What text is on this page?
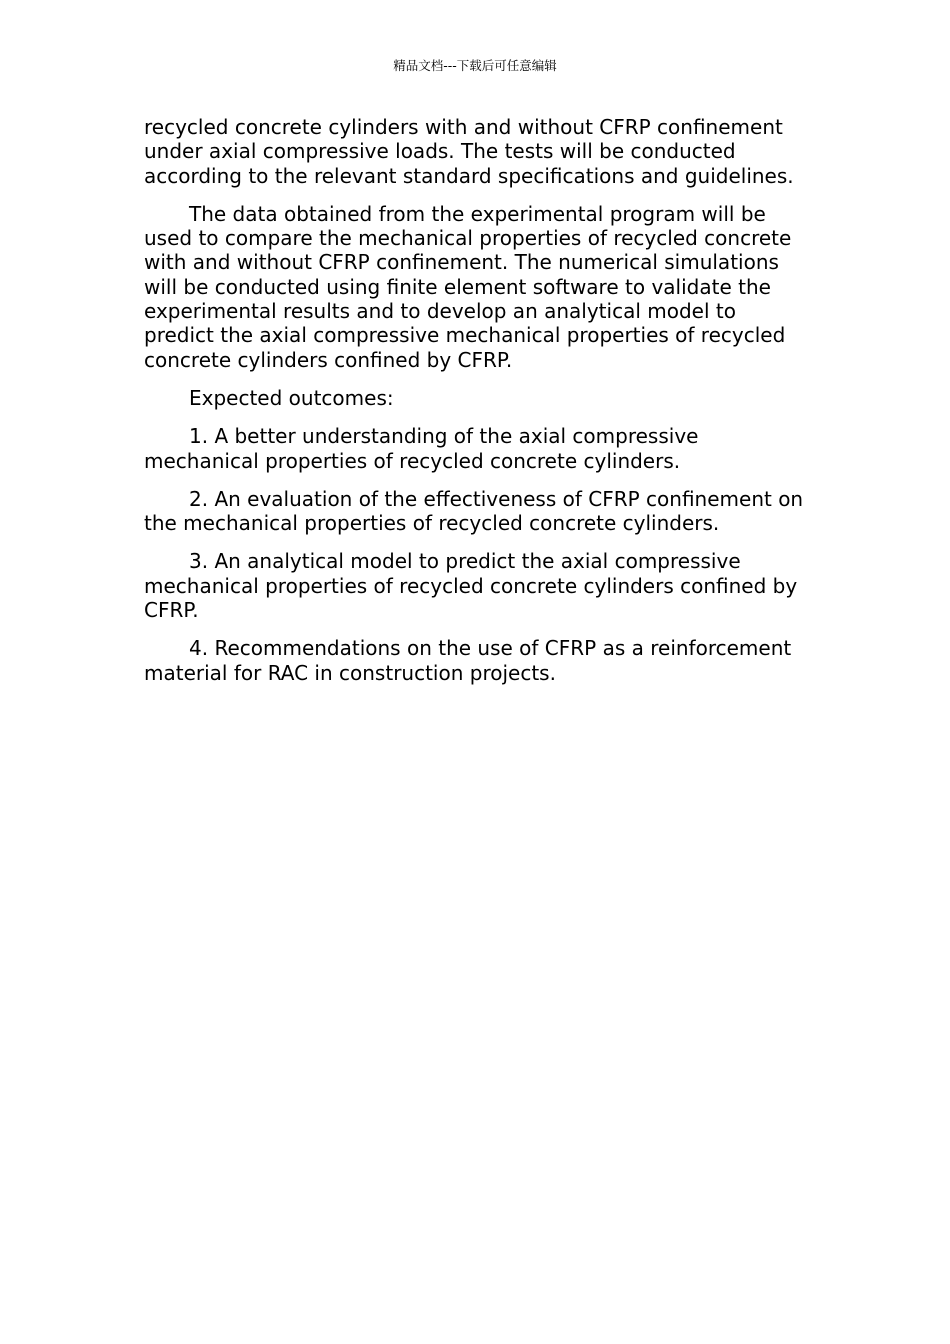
精品文档---下载后可任意编辑

recycled concrete cylinders with and without CFRP confinement under axial compressive loads. The tests will be conducted according to the relevant standard specifications and guidelines.

The data obtained from the experimental program will be used to compare the mechanical properties of recycled concrete with and without CFRP confinement. The numerical simulations will be conducted using finite element software to validate the experimental results and to develop an analytical model to predict the axial compressive mechanical properties of recycled concrete cylinders confined by CFRP.

Expected outcomes:

1. A better understanding of the axial compressive mechanical properties of recycled concrete cylinders.

2. An evaluation of the effectiveness of CFRP confinement on the mechanical properties of recycled concrete cylinders.

3. An analytical model to predict the axial compressive mechanical properties of recycled concrete cylinders confined by CFRP.

4. Recommendations on the use of CFRP as a reinforcement material for RAC in construction projects.
